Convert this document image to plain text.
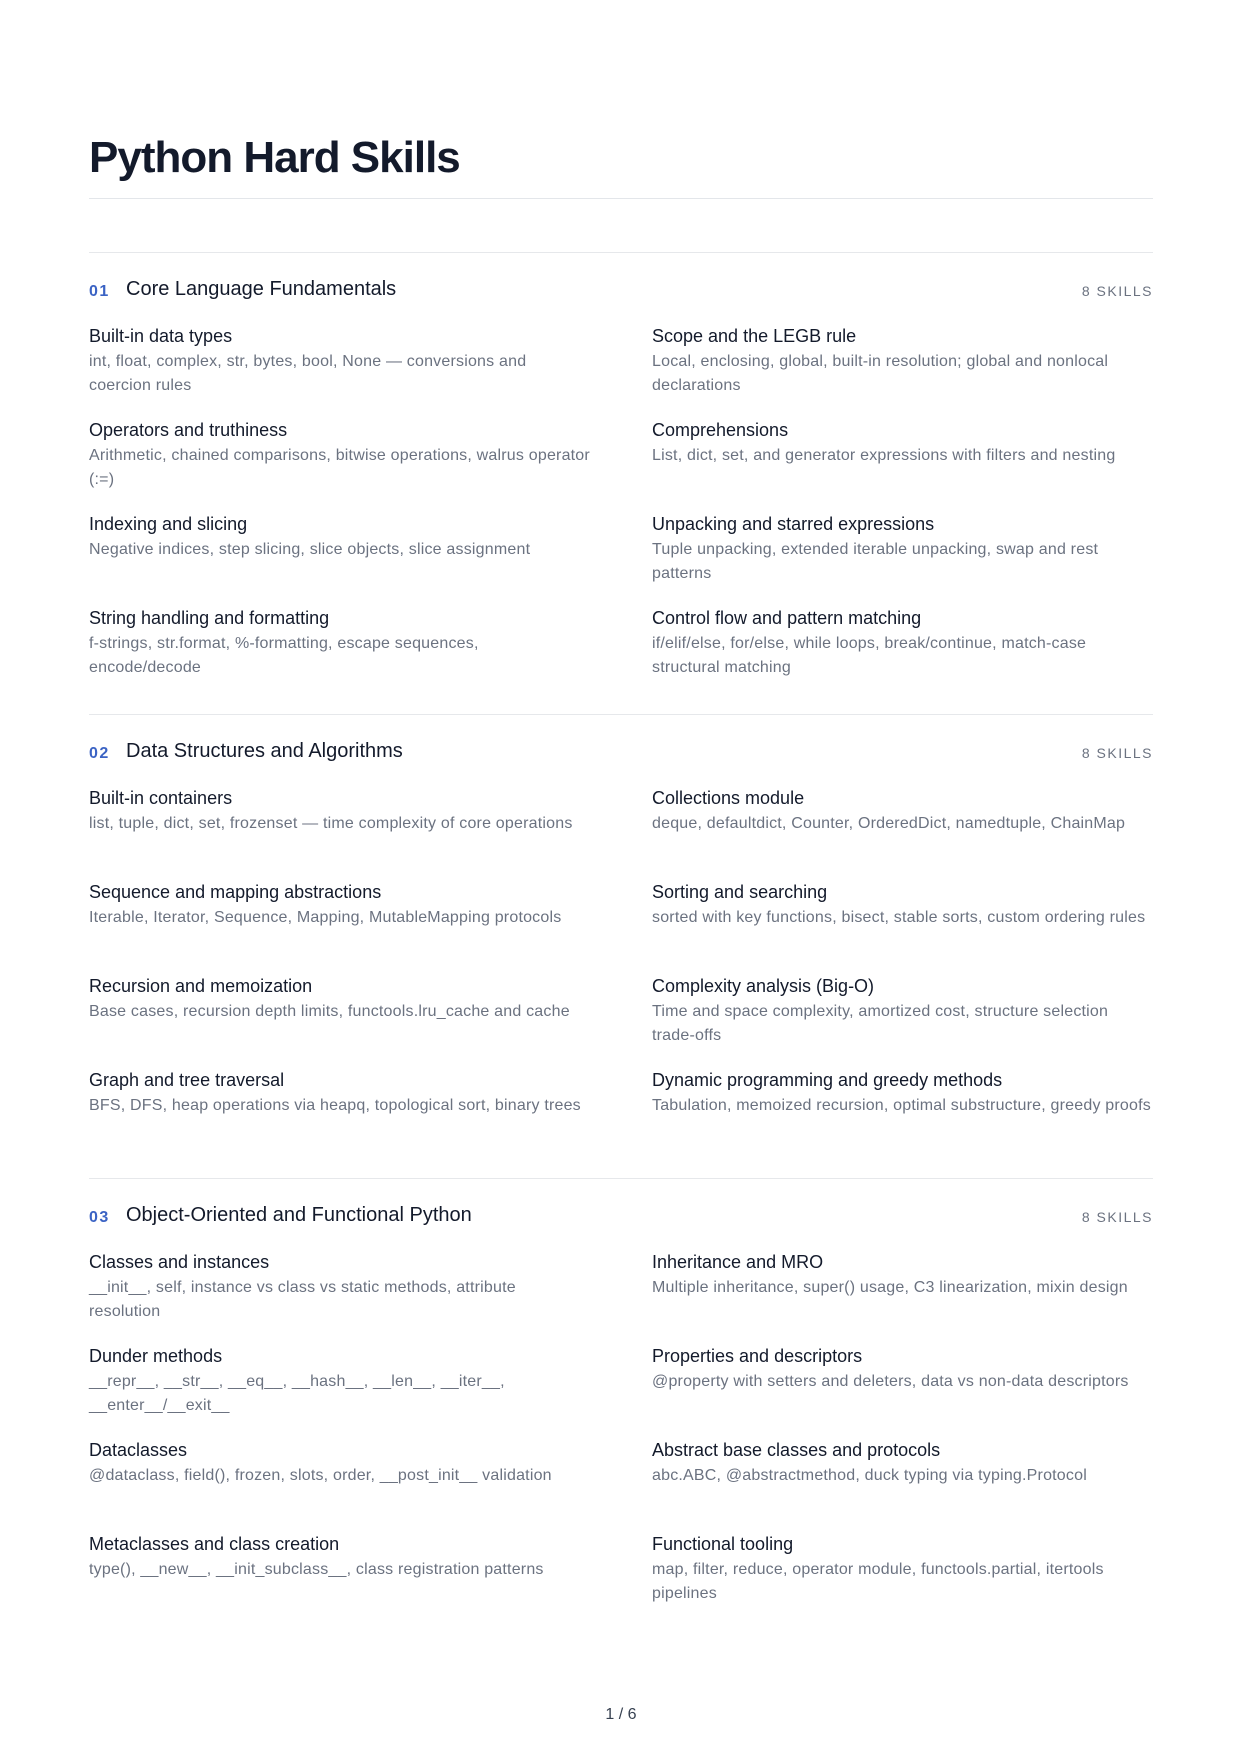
Python Hard Skills
01 Core Language Fundamentals	8 SKILLS
Built-in data types
int, float, complex, str, bytes, bool, None — conversions and coercion rules
Scope and the LEGB rule
Local, enclosing, global, built-in resolution; global and nonlocal declarations
Operators and truthiness
Arithmetic, chained comparisons, bitwise operations, walrus operator (:=)
Comprehensions
List, dict, set, and generator expressions with filters and nesting
Indexing and slicing
Negative indices, step slicing, slice objects, slice assignment
Unpacking and starred expressions
Tuple unpacking, extended iterable unpacking, swap and rest patterns
String handling and formatting
f-strings, str.format, %-formatting, escape sequences, encode/decode
Control flow and pattern matching
if/elif/else, for/else, while loops, break/continue, match-case structural matching
02 Data Structures and Algorithms	8 SKILLS
Built-in containers
list, tuple, dict, set, frozenset — time complexity of core operations
Collections module
deque, defaultdict, Counter, OrderedDict, namedtuple, ChainMap
Sequence and mapping abstractions
Iterable, Iterator, Sequence, Mapping, MutableMapping protocols
Sorting and searching
sorted with key functions, bisect, stable sorts, custom ordering rules
Recursion and memoization
Base cases, recursion depth limits, functools.lru_cache and cache
Complexity analysis (Big-O)
Time and space complexity, amortized cost, structure selection trade-offs
Graph and tree traversal
BFS, DFS, heap operations via heapq, topological sort, binary trees
Dynamic programming and greedy methods
Tabulation, memoized recursion, optimal substructure, greedy proofs
03 Object-Oriented and Functional Python	8 SKILLS
Classes and instances
__init__, self, instance vs class vs static methods, attribute resolution
Inheritance and MRO
Multiple inheritance, super() usage, C3 linearization, mixin design
Dunder methods
__repr__, __str__, __eq__, __hash__, __len__, __iter__, __enter__/__exit__
Properties and descriptors
@property with setters and deleters, data vs non-data descriptors
Dataclasses
@dataclass, field(), frozen, slots, order, __post_init__ validation
Abstract base classes and protocols
abc.ABC, @abstractmethod, duck typing via typing.Protocol
Metaclasses and class creation
type(), __new__, __init_subclass__, class registration patterns
Functional tooling
map, filter, reduce, operator module, functools.partial, itertools pipelines
1 / 6
